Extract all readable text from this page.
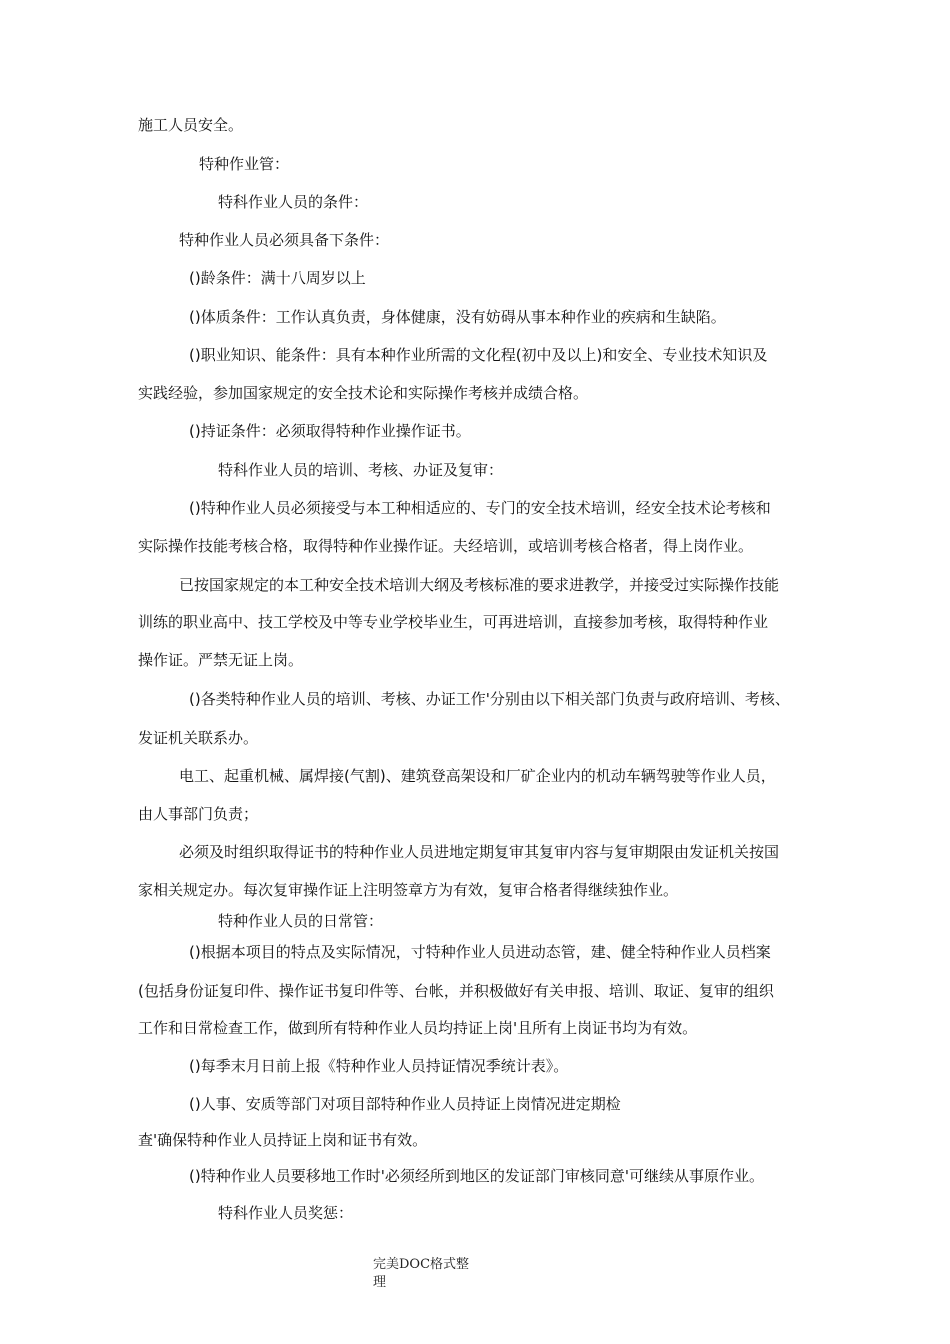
施工人员安全。
特种作业管：
特科作业人员的条件：
特种作业人员必须具备下条件：
()龄条件：满十八周岁以上
()体质条件：工作认真负责，身体健康，没有妨碍从事本种作业的疾病和生缺陷。
()职业知识、能条件：具有本种作业所需的文化程(初中及以上)和安全、专业技术知识及
实践经验，参加国家规定的安全技术论和实际操作考核并成绩合格。
()持证条件：必须取得特种作业操作证书。
特科作业人员的培训、考核、办证及复审：
()特种作业人员必须接受与本工种相适应的、专门的安全技术培训，经安全技术论考核和
实际操作技能考核合格，取得特种作业操作证。夫经培训，或培训考核合格者，得上岗作业。
已按国家规定的本工种安全技术培训大纲及考核标准的要求进教学，并接受过实际操作技能
训练的职业高中、技工学校及中等专业学校毕业生，可再进培训，直接参加考核，取得特种作业
操作证。严禁无证上岗。
()各类特种作业人员的培训、考核、办证工作'分别由以下相关部门负责与政府培训、考核、
发证机关联系办。
电工、起重机械、属焊接(气割)、建筑登高架设和厂矿企业内的机动车辆驾驶等作业人员，
由人事部门负责；
必须及时组织取得证书的特种作业人员进地定期复审其复审内容与复审期限由发证机关按国
家相关规定办。每次复审操作证上注明签章方为有效，复审合格者得继续独作业。
特种作业人员的日常管：
()根据本项目的特点及实际情况，寸特种作业人员进动态管，建、健全特种作业人员档案
(包括身份证复印件、操作证书复印件等、台帐，并积极做好有关申报、培训、取证、复审的组织
工作和日常检查工作，做到所有特种作业人员均持证上岗'且所有上岗证书均为有效。
()每季末月日前上报《特种作业人员持证情况季统计表》。
()人事、安质等部门对项目部特种作业人员持证上岗情况进定期检
查'确保特种作业人员持证上岗和证书有效。
()特种作业人员要移地工作时'必须经所到地区的发证部门审核同意'可继续从事原作业。
特科作业人员奖惩：
完美DOC格式整
理
